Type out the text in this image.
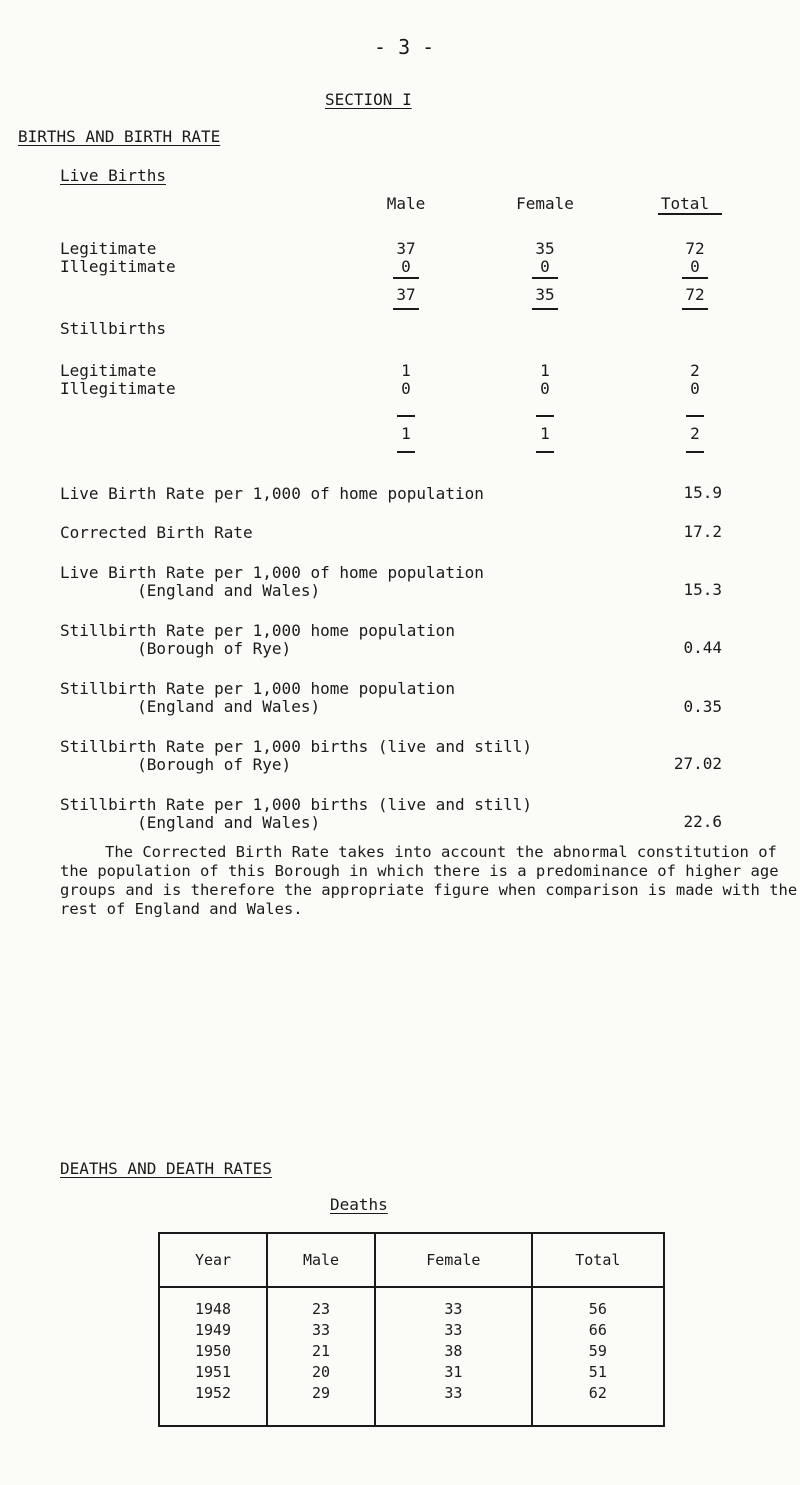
- 3 -
SECTION I
BIRTHS AND BIRTH RATE
Live Births
Male	Female	Total
Legitimate	37	35	72
Illegitimate	0	0	0
37	35	72
Stillbirths
Legitimate	1	1	2
Illegitimate	0	0	0
1	1	2
Live Birth Rate per 1,000 of home population	15.9
Corrected Birth Rate	17.2
Live Birth Rate per 1,000 of home population
(England and Wales)	15.3
Stillbirth Rate per 1,000 home population
(Borough of Rye)	0.44
Stillbirth Rate per 1,000 home population
(England and Wales)	0.35
Stillbirth Rate per 1,000 births (live and still)
(Borough of Rye)	27.02
Stillbirth Rate per 1,000 births (live and still)
(England and Wales)	22.6
The Corrected Birth Rate takes into account the abnormal constitution of the population of this Borough in which there is a predominance of higher age groups and is therefore the appropriate figure when comparison is made with the rest of England and Wales.
DEATHS AND DEATH RATES
Deaths
Year	Male	Female	Total
1948	23	33	56
1949	33	33	66
1950	21	38	59
1951	20	31	51
1952	29	33	62
